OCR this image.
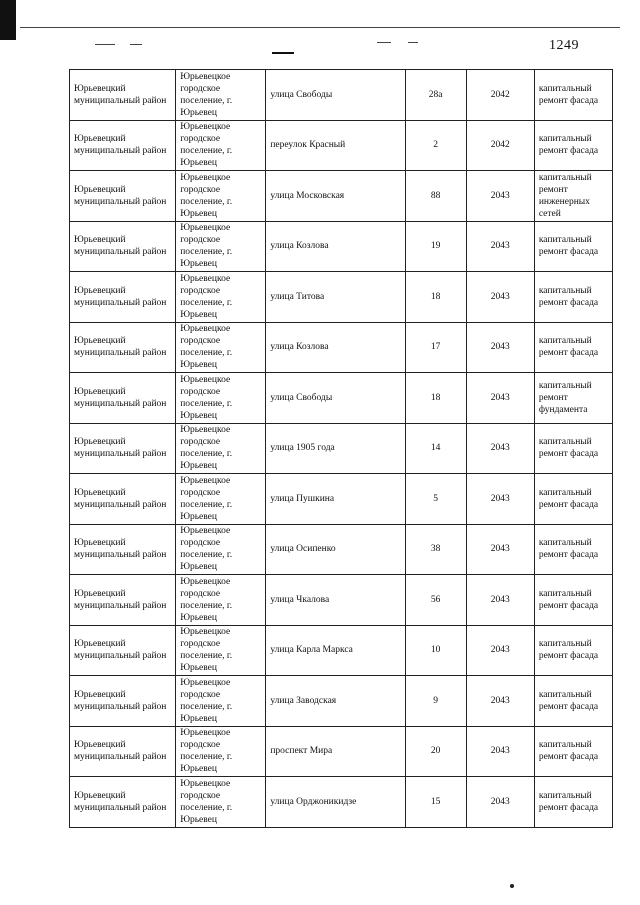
1249
Юрьевецкий муниципальный район	Юрьевецкое городское поселение, г. Юрьевец	улица Свободы	28а	2042	капитальный ремонт фасада
Юрьевецкий муниципальный район	Юрьевецкое городское поселение, г. Юрьевец	переулок Красный	2	2042	капитальный ремонт фасада
Юрьевецкий муниципальный район	Юрьевецкое городское поселение, г. Юрьевец	улица Московская	88	2043	капитальный ремонт инженерных сетей
Юрьевецкий муниципальный район	Юрьевецкое городское поселение, г. Юрьевец	улица Козлова	19	2043	капитальный ремонт фасада
Юрьевецкий муниципальный район	Юрьевецкое городское поселение, г. Юрьевец	улица Титова	18	2043	капитальный ремонт фасада
Юрьевецкий муниципальный район	Юрьевецкое городское поселение, г. Юрьевец	улица Козлова	17	2043	капитальный ремонт фасада
Юрьевецкий муниципальный район	Юрьевецкое городское поселение, г. Юрьевец	улица Свободы	18	2043	капитальный ремонт фундамента
Юрьевецкий муниципальный район	Юрьевецкое городское поселение, г. Юрьевец	улица 1905 года	14	2043	капитальный ремонт фасада
Юрьевецкий муниципальный район	Юрьевецкое городское поселение, г. Юрьевец	улица Пушкина	5	2043	капитальный ремонт фасада
Юрьевецкий муниципальный район	Юрьевецкое городское поселение, г. Юрьевец	улица Осипенко	38	2043	капитальный ремонт фасада
Юрьевецкий муниципальный район	Юрьевецкое городское поселение, г. Юрьевец	улица Чкалова	56	2043	капитальный ремонт фасада
Юрьевецкий муниципальный район	Юрьевецкое городское поселение, г. Юрьевец	улица Карла Маркса	10	2043	капитальный ремонт фасада
Юрьевецкий муниципальный район	Юрьевецкое городское поселение, г. Юрьевец	улица Заводская	9	2043	капитальный ремонт фасада
Юрьевецкий муниципальный район	Юрьевецкое городское поселение, г. Юрьевец	проспект Мира	20	2043	капитальный ремонт фасада
Юрьевецкий муниципальный район	Юрьевецкое городское поселение, г. Юрьевец	улица Орджоникидзе	15	2043	капитальный ремонт фасада
